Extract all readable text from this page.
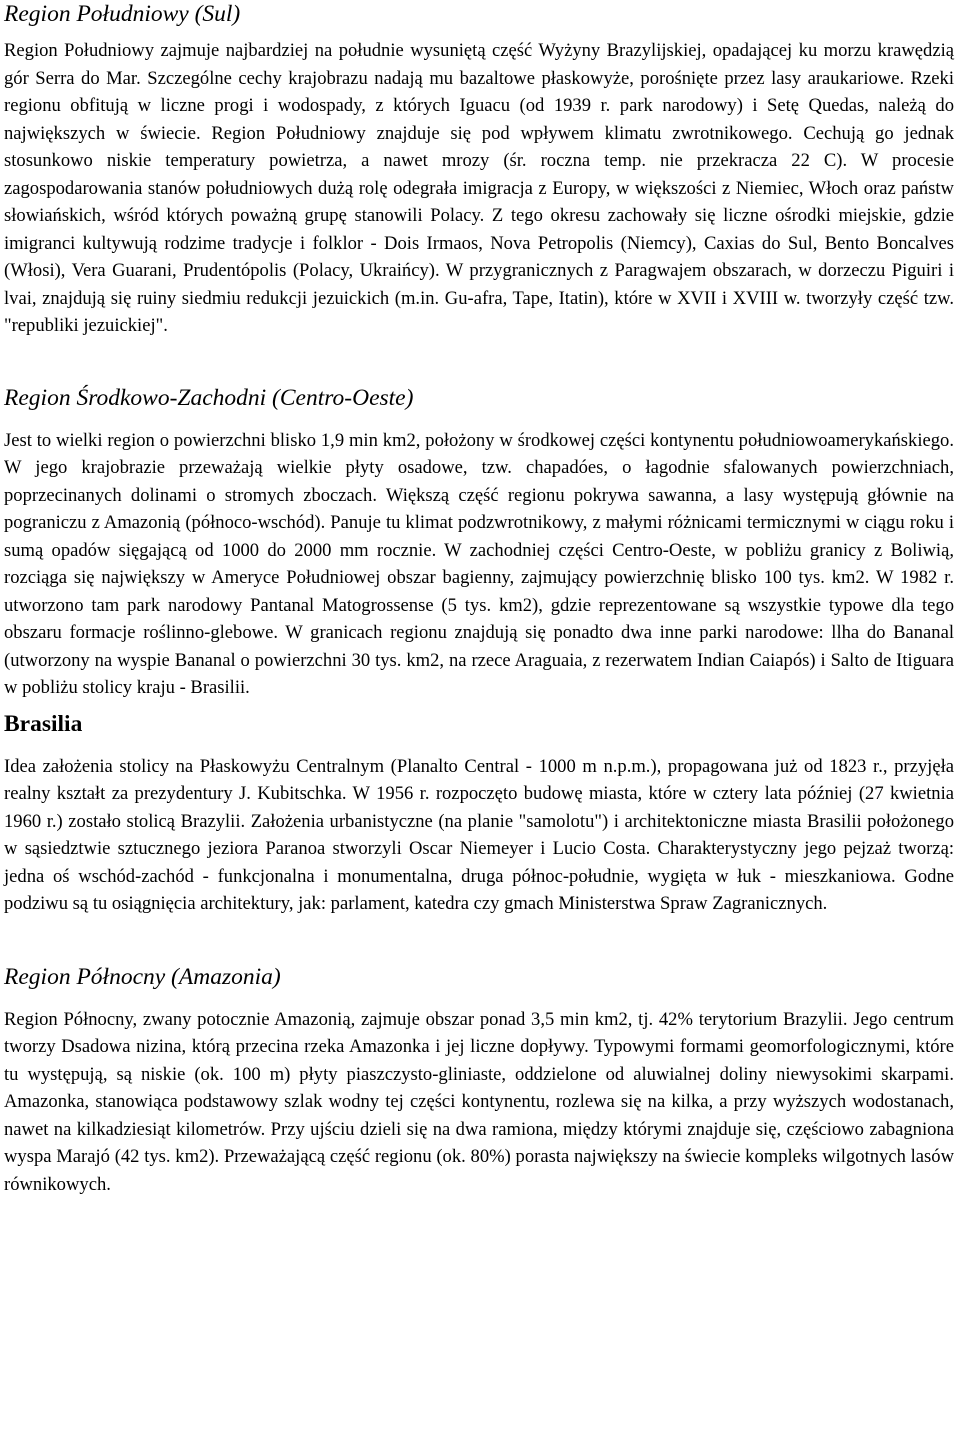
Region Południowy (Sul)

Region Południowy zajmuje najbardziej na południe wysuniętą część Wyżyny Brazylijskiej, opadającej ku morzu krawędzią gór Serra do Mar. Szczególne cechy krajobrazu nadają mu bazaltowe płaskowyże, porośnięte przez lasy araukariowe. Rzeki regionu obfitują w liczne progi i wodospady, z których Iguacu (od 1939 r. park narodowy) i Setę Quedas, należą do największych w świecie. Region Południowy znajduje się pod wpływem klimatu zwrotnikowego. Cechują go jednak stosunkowo niskie temperatury powietrza, a nawet mrozy (śr. roczna temp. nie przekracza 22 C). W procesie zagospodarowania stanów południowych dużą rolę odegrała imigracja z Europy, w większości z Niemiec, Włoch oraz państw słowiańskich, wśród których poważną grupę stanowili Polacy. Z tego okresu zachowały się liczne ośrodki miejskie, gdzie imigranci kultywują rodzime tradycje i folklor - Dois Irmaos, Nova Petropolis (Niemcy), Caxias do Sul, Bento Boncalves (Włosi), Vera Guarani, Prudentópolis (Polacy, Ukraińcy). W przygranicznych z Paragwajem obszarach, w dorzeczu Piguiri i lvai, znajdują się ruiny siedmiu redukcji jezuickich (m.in. Gu-afra, Tape, Itatin), które w XVII i XVIII w. tworzyły część tzw. "republiki jezuickiej".

Region Środkowo-Zachodni (Centro-Oeste)

Jest to wielki region o powierzchni blisko 1,9 min km2, położony w środkowej części kontynentu południowoamerykańskiego. W jego krajobrazie przeważają wielkie płyty osadowe, tzw. chapadóes, o łagodnie sfalowanych powierzchniach, poprzecinanych dolinami o stromych zboczach. Większą część regionu pokrywa sawanna, a lasy występują głównie na pograniczu z Amazonią (północo-wschód). Panuje tu klimat podzwrotnikowy, z małymi różnicami termicznymi w ciągu roku i sumą opadów sięgającą od 1000 do 2000 mm rocznie. W zachodniej części Centro-Oeste, w pobliżu granicy z Boliwią, rozciąga się największy w Ameryce Południowej obszar bagienny, zajmujący powierzchnię blisko 100 tys. km2. W 1982 r. utworzono tam park narodowy Pantanal Matogrossense (5 tys. km2), gdzie reprezentowane są wszystkie typowe dla tego obszaru formacje roślinno-glebowe. W granicach regionu znajdują się ponadto dwa inne parki narodowe: llha do Bananal (utworzony na wyspie Bananal o powierzchni 30 tys. km2, na rzece Araguaia, z rezerwatem Indian Caiapós) i Salto de Itiguara w pobliżu stolicy kraju - Brasilii.

Brasilia

Idea założenia stolicy na Płaskowyżu Centralnym (Planalto Central - 1000 m n.p.m.), propagowana już od 1823 r., przyjęła realny kształt za prezydentury J. Kubitschka. W 1956 r. rozpoczęto budowę miasta, które w cztery lata później (27 kwietnia 1960 r.) zostało stolicą Brazylii. Założenia urbanistyczne (na planie "samolotu") i architektoniczne miasta Brasilii położonego w sąsiedztwie sztucznego jeziora Paranoa stworzyli Oscar Niemeyer i Lucio Costa. Charakterystyczny jego pejzaż tworzą: jedna oś wschód-zachód - funkcjonalna i monumentalna, druga północ-południe, wygięta w łuk - mieszkaniowa. Godne podziwu są tu osiągnięcia architektury, jak: parlament, katedra czy gmach Ministerstwa Spraw Zagranicznych.

Region Północny (Amazonia)

Region Północny, zwany potocznie Amazonią, zajmuje obszar ponad 3,5 min km2, tj. 42% terytorium Brazylii. Jego centrum tworzy Dsadowa nizina, którą przecina rzeka Amazonka i jej liczne dopływy. Typowymi formami geomorfologicznymi, które tu występują, są niskie (ok. 100 m) płyty piaszczysto-gliniaste, oddzielone od aluwialnej doliny niewysokimi skarpami. Amazonka, stanowiąca podstawowy szlak wodny tej części kontynentu, rozlewa się na kilka, a przy wyższych wodostanach, nawet na kilkadziesiąt kilometrów. Przy ujściu dzieli się na dwa ramiona, między którymi znajduje się, częściowo zabagniona wyspa Marajó (42 tys. km2). Przeważającą część regionu (ok. 80%) porasta największy na świecie kompleks wilgotnych lasów równikowych.
